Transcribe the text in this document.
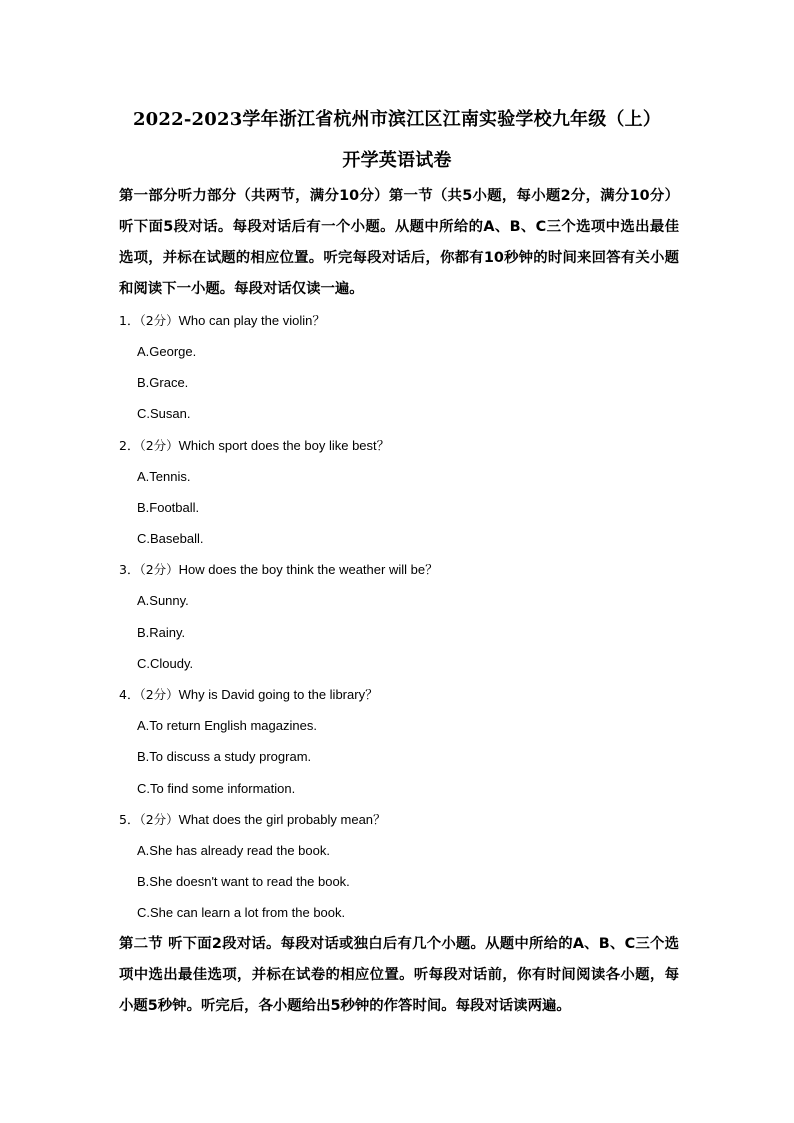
2022-2023学年浙江省杭州市滨江区江南实验学校九年级（上）
开学英语试卷

第一部分听力部分（共两节，满分10分）第一节（共5小题，每小题2分，满分10分）听下面5段对话。每段对话后有一个小题。从题中所给的A、B、C三个选项中选出最佳选项，并标在试题的相应位置。听完每段对话后，你都有10秒钟的时间来回答有关小题和阅读下一小题。每段对话仅读一遍。

1．（2分）Who can play the violin？
A.George.
B.Grace.
C.Susan.
2．（2分）Which sport does the boy like best？
A.Tennis.
B.Football.
C.Baseball.
3．（2分）How does the boy think the weather will be？
A.Sunny.
B.Rainy.
C.Cloudy.
4．（2分）Why is David going to the library？
A.To return English magazines.
B.To discuss a study program.
C.To find some information.
5．（2分）What does the girl probably mean？
A.She has already read the book.
B.She doesn't want to read the book.
C.She can learn a lot from the book.

第二节 听下面2段对话。每段对话或独白后有几个小题。从题中所给的A、B、C三个选项中选出最佳选项，并标在试卷的相应位置。听每段对话前，你有时间阅读各小题，每小题5秒钟。听完后，各小题给出5秒钟的作答时间。每段对话读两遍。
